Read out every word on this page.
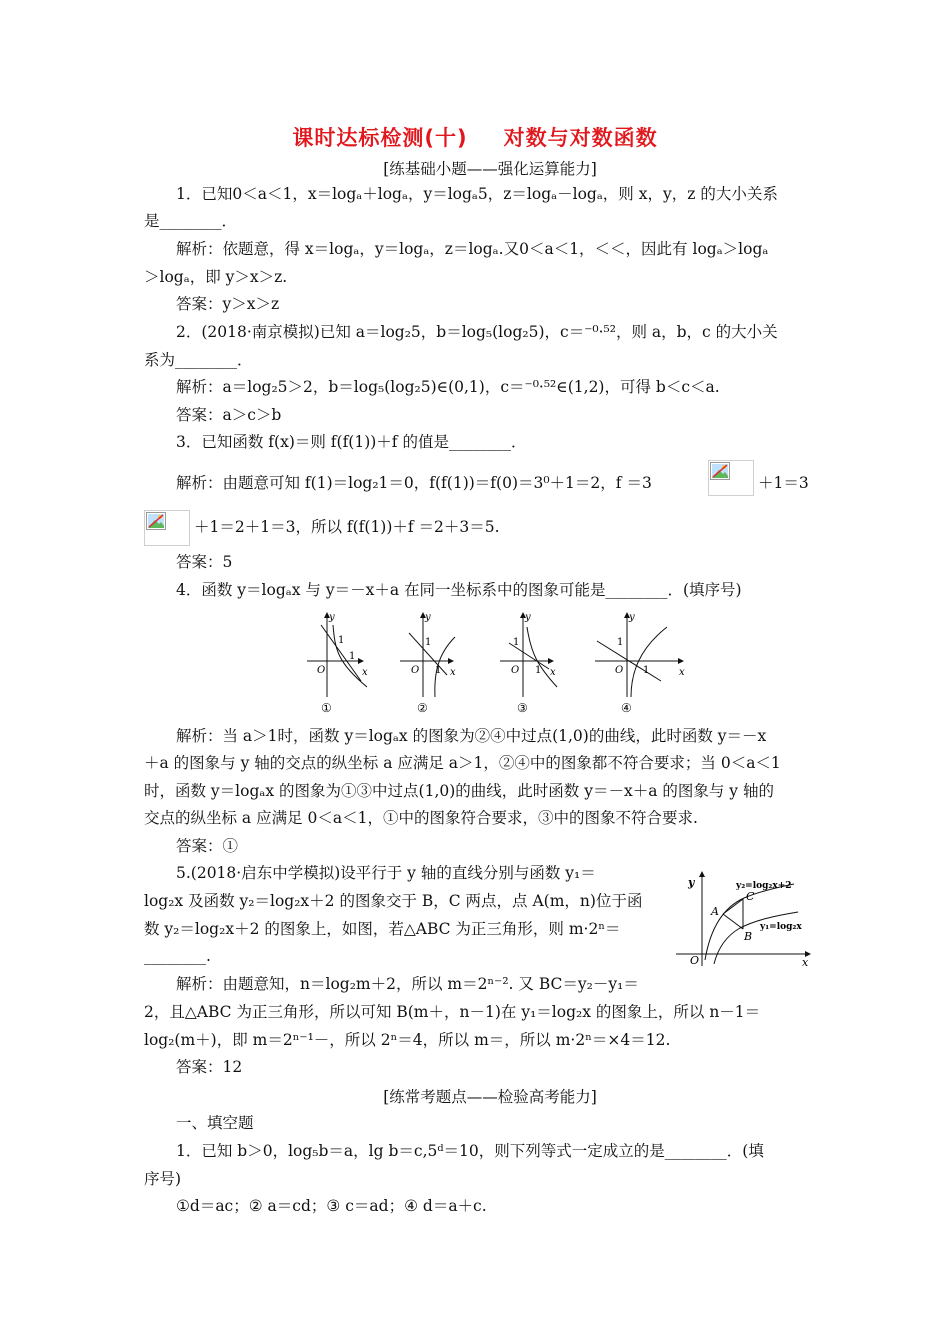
课时达标检测(十) 对数与对数函数
[练基础小题——强化运算能力]
1．已知0＜a＜1，x＝logₐ＋logₐ，y＝logₐ5，z＝logₐ－logₐ，则 x，y，z 的大小关系
是________．
解析：依题意，得 x＝logₐ，y＝logₐ，z＝logₐ.又0＜a＜1，＜＜，因此有 logₐ＞logₐ
＞logₐ，即 y＞x＞z.
答案：y＞x＞z
2．(2018·南京模拟)已知 a＝log₂5，b＝log₅(log₂5)，c＝⁻⁰·⁵²，则 a，b，c 的大小关
系为________．
解析：a＝log₂5＞2，b＝log₅(log₂5)∈(0,1)，c＝⁻⁰·⁵²∈(1,2)，可得 b＜c＜a.
答案：a＞c＞b
3．已知函数 f(x)＝则 f(f(1))＋f 的值是________．
解析：由题意可知 f(1)＝log₂1＝0，f(f(1))＝f(0)＝3⁰＋1＝2，f ＝3	＋1＝3
＋1＝2＋1＝3，所以 f(f(1))＋f ＝2＋3＝5.
答案：5
4．函数 y＝logₐx 与 y＝－x＋a 在同一坐标系中的图象可能是________．(填序号)
y
x
O
1
1
①
y
x
O
1
1
②
y
x
O
1
1
③
y
x
O
1
1
④
解析：当 a＞1时，函数 y＝logₐx 的图象为②④中过点(1,0)的曲线，此时函数 y＝－x
＋a 的图象与 y 轴的交点的纵坐标 a 应满足 a＞1，②④中的图象都不符合要求；当 0＜a＜1
时，函数 y＝logₐx 的图象为①③中过点(1,0)的曲线，此时函数 y＝－x＋a 的图象与 y 轴的
交点的纵坐标 a 应满足 0＜a＜1，①中的图象符合要求，③中的图象不符合要求.
答案：①
5.(2018·启东中学模拟)设平行于 y 轴的直线分别与函数 y₁＝
log₂x 及函数 y₂＝log₂x＋2 的图象交于 B，C 两点，点 A(m，n)位于函
数 y₂＝log₂x＋2 的图象上，如图，若△ABC 为正三角形，则 m·2ⁿ＝
________.
y
x
O
y₂=log₂x+2
y₁=log₂x
A
C
B
解析：由题意知，n＝log₂m＋2，所以 m＝2ⁿ⁻². 又 BC＝y₂－y₁＝
2，且△ABC 为正三角形，所以可知 B(m＋，n－1)在 y₁＝log₂x 的图象上，所以 n－1＝
log₂(m＋)，即 m＝2ⁿ⁻¹－，所以 2ⁿ＝4，所以 m＝，所以 m·2ⁿ＝×4＝12.
答案：12
[练常考题点——检验高考能力]
一、填空题
1．已知 b＞0，log₅b＝a，lg b＝c,5ᵈ＝10，则下列等式一定成立的是________．(填
序号)
①d＝ac；② a＝cd；③ c＝ad；④ d＝a＋c.
